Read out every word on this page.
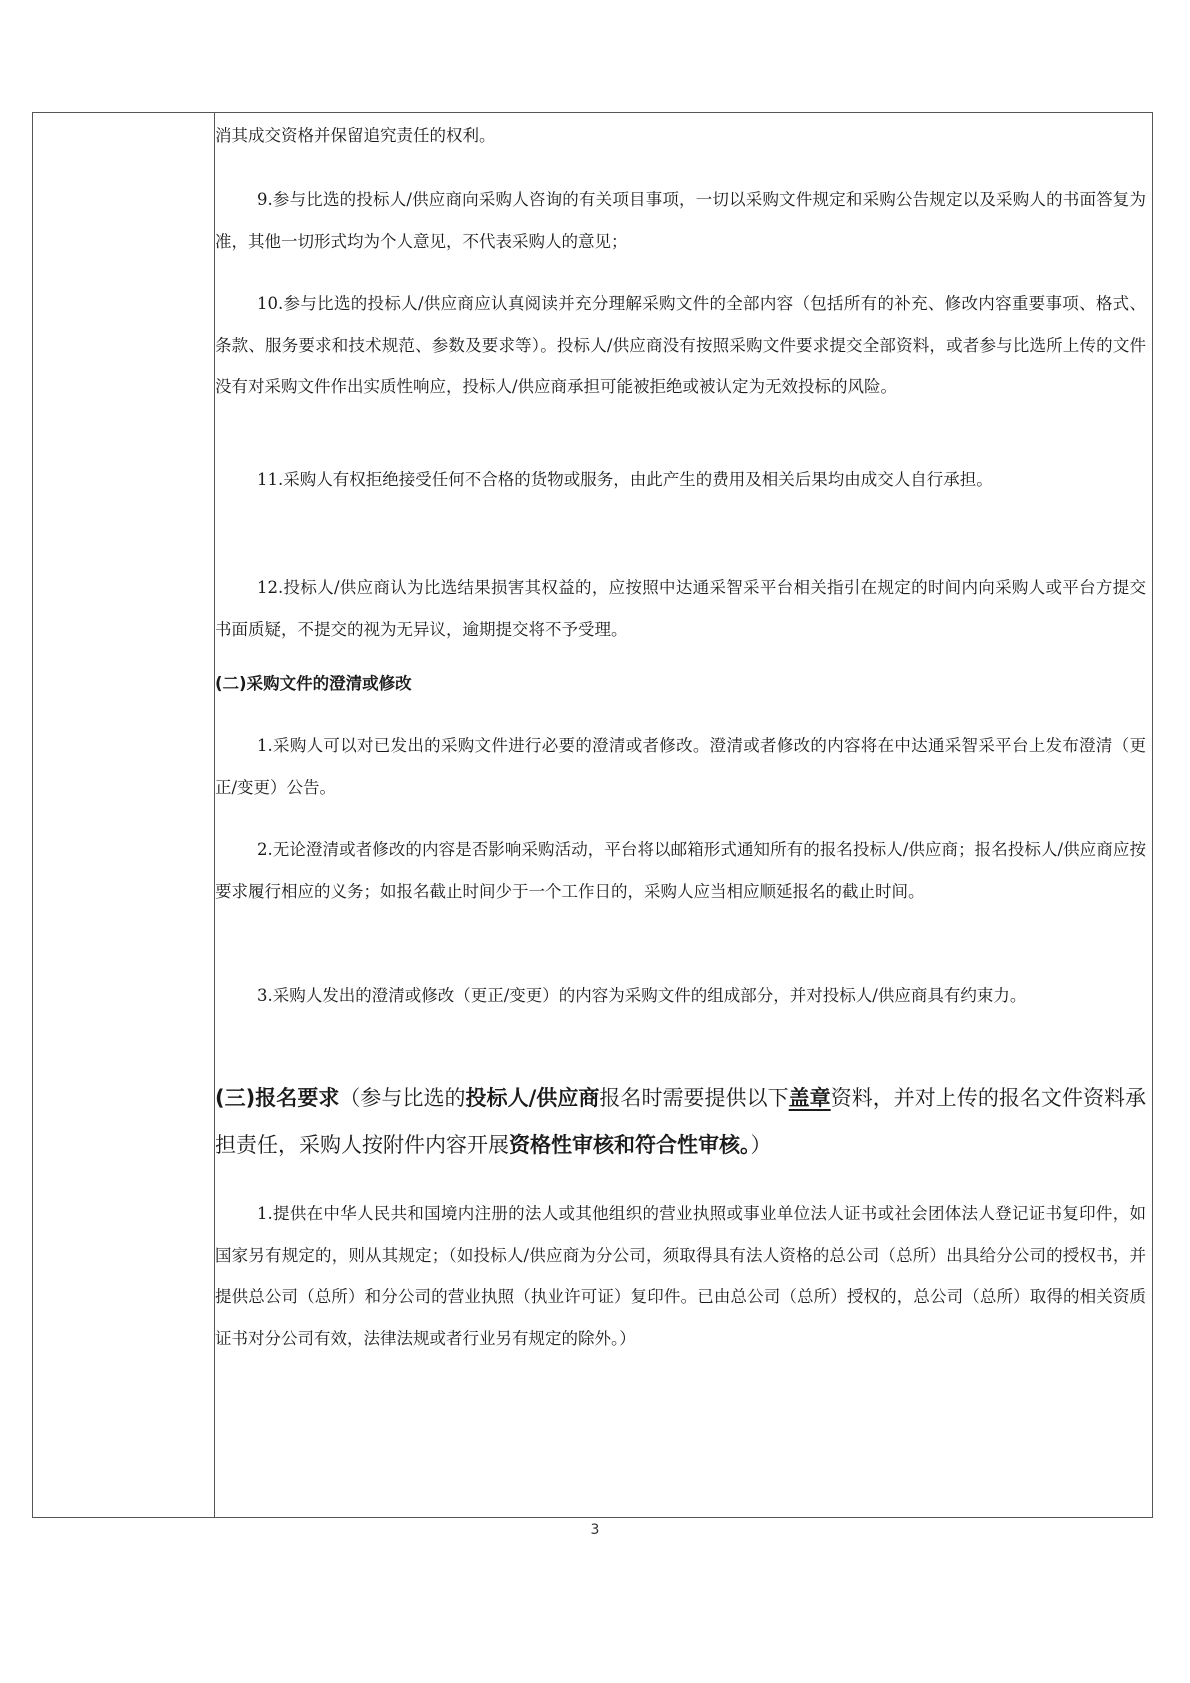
消其成交资格并保留追究责任的权利。

9.参与比选的投标人/供应商向采购人咨询的有关项目事项，一切以采购文件规定和采购公告规定以及采购人的书面答复为准，其他一切形式均为个人意见，不代表采购人的意见；

10.参与比选的投标人/供应商应认真阅读并充分理解采购文件的全部内容（包括所有的补充、修改内容重要事项、格式、条款、服务要求和技术规范、参数及要求等）。投标人/供应商没有按照采购文件要求提交全部资料，或者参与比选所上传的文件没有对采购文件作出实质性响应，投标人/供应商承担可能被拒绝或被认定为无效投标的风险。

11.采购人有权拒绝接受任何不合格的货物或服务，由此产生的费用及相关后果均由成交人自行承担。

12.投标人/供应商认为比选结果损害其权益的，应按照中达通采智采平台相关指引在规定的时间内向采购人或平台方提交书面质疑，不提交的视为无异议，逾期提交将不予受理。

(二)采购文件的澄清或修改

1.采购人可以对已发出的采购文件进行必要的澄清或者修改。澄清或者修改的内容将在中达通采智采平台上发布澄清（更正/变更）公告。

2.无论澄清或者修改的内容是否影响采购活动，平台将以邮箱形式通知所有的报名投标人/供应商；报名投标人/供应商应按要求履行相应的义务；如报名截止时间少于一个工作日的，采购人应当相应顺延报名的截止时间。

3.采购人发出的澄清或修改（更正/变更）的内容为采购文件的组成部分，并对投标人/供应商具有约束力。

(三)报名要求（参与比选的投标人/供应商报名时需要提供以下盖章资料，并对上传的报名文件资料承担责任，采购人按附件内容开展资格性审核和符合性审核。）

1.提供在中华人民共和国境内注册的法人或其他组织的营业执照或事业单位法人证书或社会团体法人登记证书复印件，如国家另有规定的，则从其规定；（如投标人/供应商为分公司，须取得具有法人资格的总公司（总所）出具给分公司的授权书，并提供总公司（总所）和分公司的营业执照（执业许可证）复印件。已由总公司（总所）授权的，总公司（总所）取得的相关资质证书对分公司有效，法律法规或者行业另有规定的除外。）

3
